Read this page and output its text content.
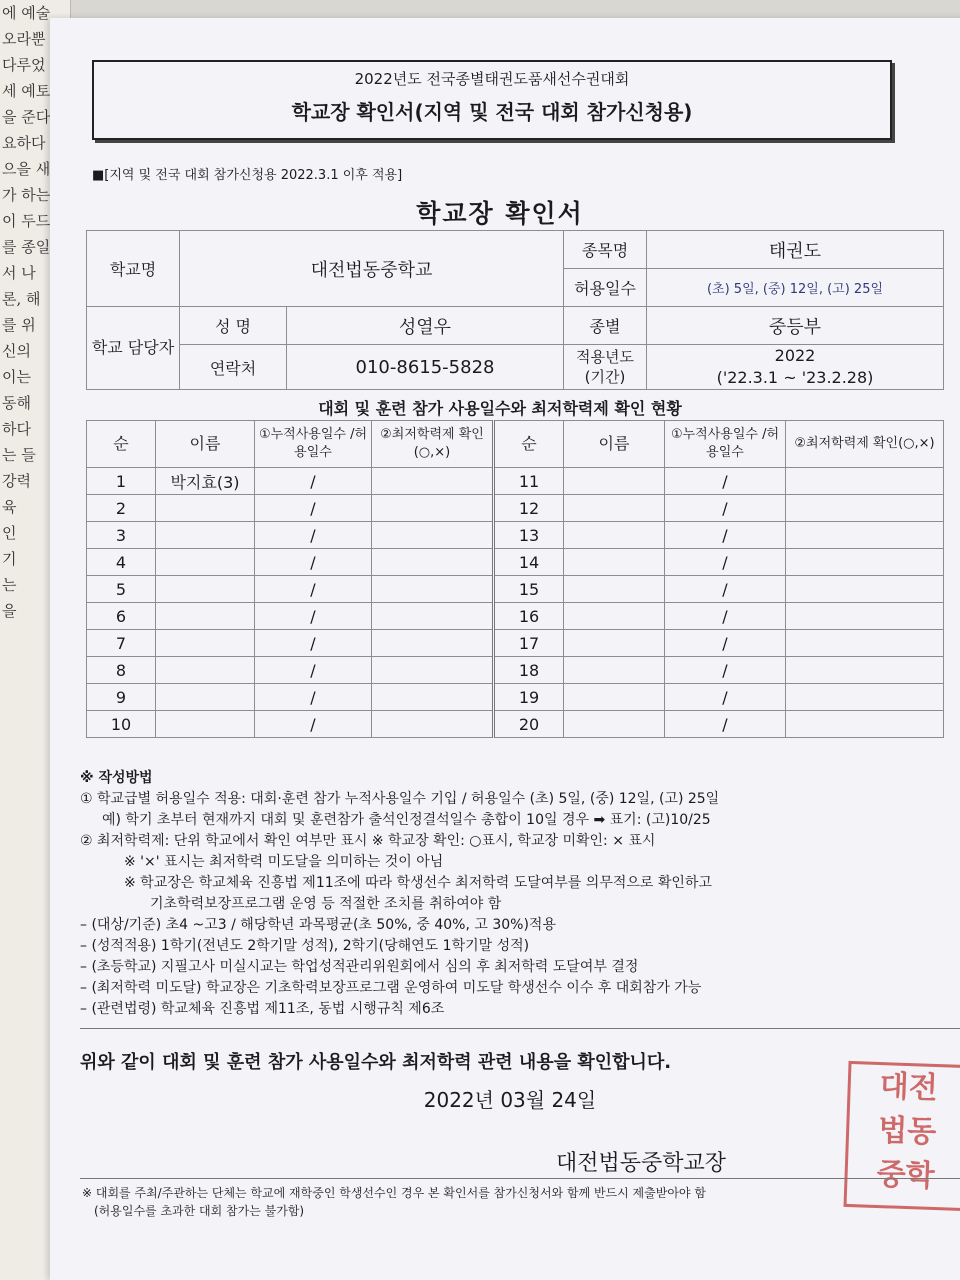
에 예술
오라뿐
다루었
세 예토
을 준다
요하다
으을 새
가 하는
이 두드
를 종일
서 나
론, 해
를 위
신의
이는
동해
하다
는 들
강력
육
인
기
는
을
2022년도 전국종별태권도품새선수권대회
학교장 확인서(지역 및 전국 대회 참가신청용)
■[지역 및 전국 대회 참가신청용 2022.3.1 이후 적용]
학교장 확인서
학교명	대전법동중학교		종목명	태권도
			허용일수	(초) 5일, (중) 12일, (고) 25일
학교 담당자	성 명	성열우	종별	중등부
	연락처	010-8615-5828	적용년도 (기간)	2022
('22.3.1 ~ '23.2.28)
대회 및 훈련 참가 사용일수와 최저학력제 확인 현황
순	이름	①누적사용일수 /허용일수	②최저학력제 확인(○,×)	순	이름	①누적사용일수 /허용일수	②최저학력제 확인(○,×)
1	박지효(3)	/		11		/	
2		/		12		/	
3		/		13		/	
4		/		14		/	
5		/		15		/	
6		/		16		/	
7		/		17		/	
8		/		18		/	
9		/		19		/	
10		/		20		/	
※ 작성방법
① 학교급별 허용일수 적용: 대회·훈련 참가 누적사용일수 기입 / 허용일수 (초) 5일, (중) 12일, (고) 25일
예) 학기 초부터 현재까지 대회 및 훈련참가 출석인정결석일수 총합이 10일 경우 ➡ 표기: (고)10/25
② 최저학력제: 단위 학교에서 확인 여부만 표시 ※ 학교장 확인: ○표시, 학교장 미확인: × 표시
※ '×' 표시는 최저학력 미도달을 의미하는 것이 아님
※ 학교장은 학교체육 진흥법 제11조에 따라 학생선수 최저학력 도달여부를 의무적으로 확인하고
기초학력보장프로그램 운영 등 적절한 조치를 취하여야 함
– (대상/기준) 초4 ~고3 / 해당학년 과목평균(초 50%, 중 40%, 고 30%)적용
– (성적적용) 1학기(전년도 2학기말 성적), 2학기(당해연도 1학기말 성적)
– (초등학교) 지필고사 미실시교는 학업성적관리위원회에서 심의 후 최저학력 도달여부 결정
– (최저학력 미도달) 학교장은 기초학력보장프로그램 운영하여 미도달 학생선수 이수 후 대회참가 가능
– (관련법령) 학교체육 진흥법 제11조, 동법 시행규칙 제6조
위와 같이 대회 및 훈련 참가 사용일수와 최저학력 관련 내용을 확인합니다.
2022년 03월 24일
대전법동중학교장
대전
법동
중학
※ 대회를 주최/주관하는 단체는 학교에 재학중인 학생선수인 경우 본 확인서를 참가신청서와 함께 반드시 제출받아야 함
(허용일수를 초과한 대회 참가는 불가함)
